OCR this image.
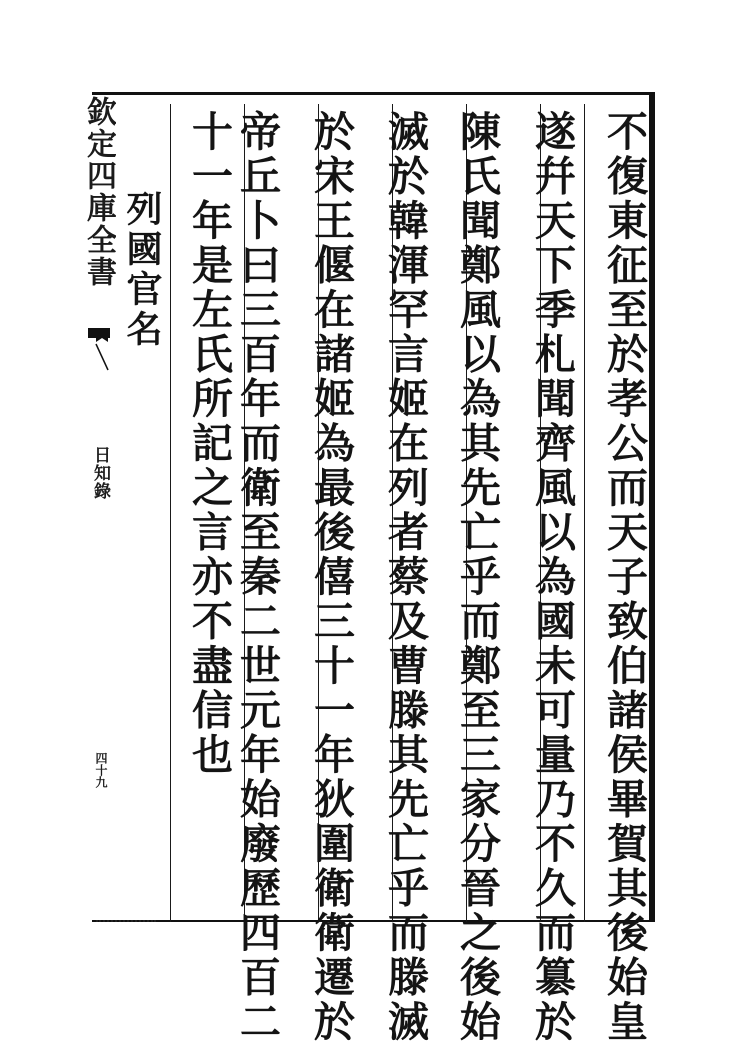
欽定四庫全書
日知錄
四十九	不復東征至於孝公而天子致伯諸侯畢賀其後始皇
遂幷天下季札聞齊風以為國未可量乃不久而簒於
陳氏聞鄭風以為其先亡乎而鄭至三家分晉之後始
滅於韓渾罕言姬在列者蔡及曹滕其先亡乎而滕滅
於宋王偃在諸姬為最後僖三十一年狄圍衛衛遷於
帝丘卜曰三百年而衛至秦二世元年始廢歷四百二
十一年是左氏所記之言亦不盡信也
列國官名
